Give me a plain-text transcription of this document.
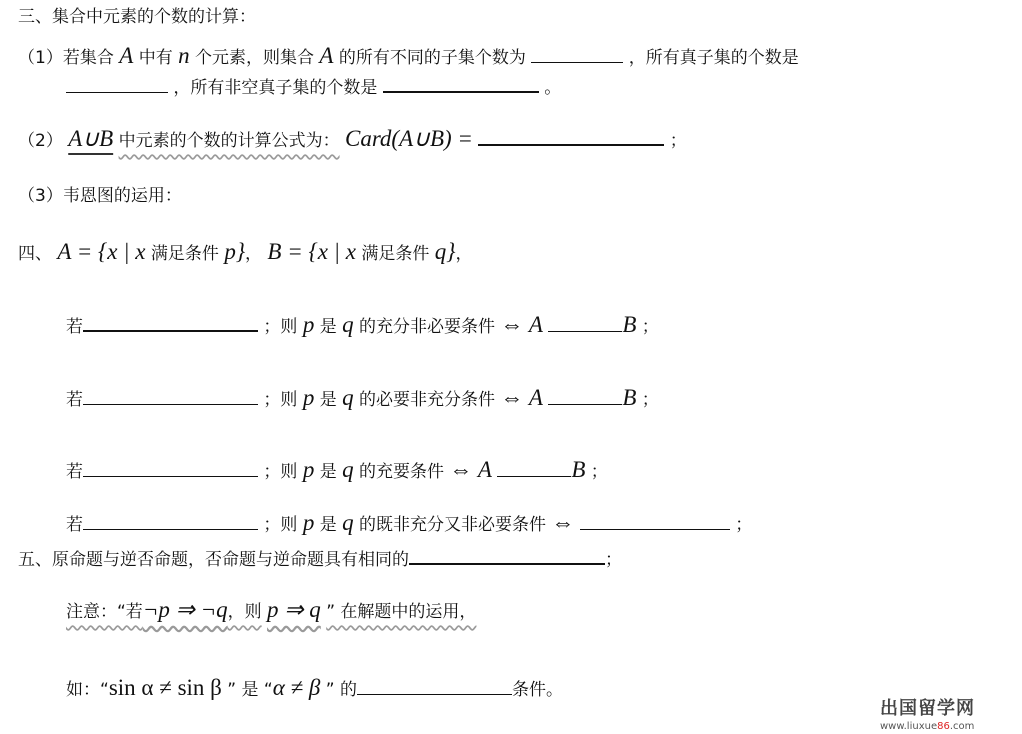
三、集合中元素的个数的计算：
（1）若集合 A 中有 n 个元素，则集合 A 的所有不同的子集个数为	，所有真子集的个数是
，所有非空真子集的个数是	。
（2） A∪B 中元素的个数的计算公式为： Card(A∪B) =	；
（3）韦恩图的运用：
四、 A = {x | x 满足条件 p}， B = {x | x 满足条件 q}，
若	；则 p 是 q 的充分非必要条件 ⇔ A	B ；
若	；则 p 是 q 的必要非充分条件 ⇔ A	B ；
若	；则 p 是 q 的充要条件 ⇔ A	B ；
若	；则 p 是 q 的既非充分又非必要条件 ⇔	；
五、原命题与逆否命题，否命题与逆命题具有相同的	；
注意：“若¬p ⇒ ¬q，则 p ⇒ q ” 在解题中的运用，
如：“sin α ≠ sin β ” 是 “α ≠ β ” 的	条件。
出国留学网
www.liuxue86.com
